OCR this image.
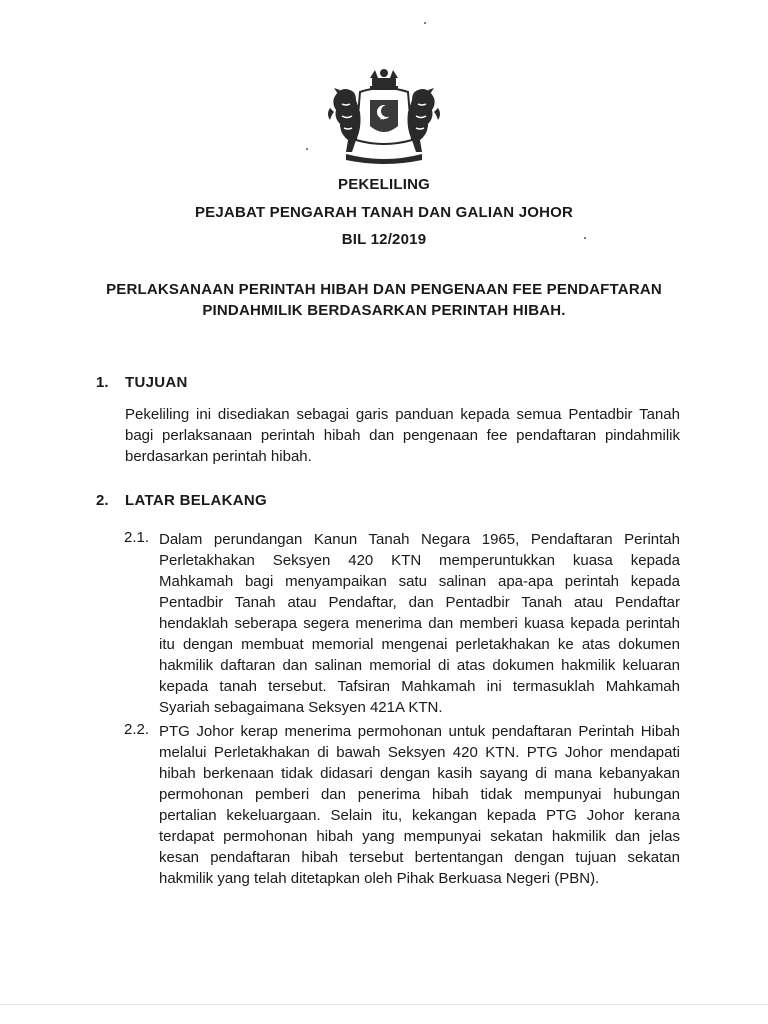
PEKELILING
PEJABAT PENGARAH TANAH DAN GALIAN JOHOR
BIL 12/2019
PERLAKSANAAN PERINTAH HIBAH DAN PENGENAAN FEE PENDAFTARAN
PINDAHMILIK BERDASARKAN PERINTAH HIBAH.
1. TUJUAN
Pekeliling ini disediakan sebagai garis panduan kepada semua Pentadbir Tanah
bagi perlaksanaan perintah hibah dan pengenaan fee pendaftaran pindahmilik
berdasarkan perintah hibah.
2. LATAR BELAKANG
2.1. Dalam perundangan Kanun Tanah Negara 1965, Pendaftaran Perintah
Perletakhakan Seksyen 420 KTN memperuntukkan kuasa kepada
Mahkamah bagi menyampaikan satu salinan apa-apa perintah kepada
Pentadbir Tanah atau Pendaftar, dan Pentadbir Tanah atau Pendaftar
hendaklah seberapa segera menerima dan memberi kuasa kepada perintah
itu dengan membuat memorial mengenai perletakhakan ke atas dokumen
hakmilik daftaran dan salinan memorial di atas dokumen hakmilik keluaran
kepada tanah tersebut. Tafsiran Mahkamah ini termasuklah Mahkamah
Syariah sebagaimana Seksyen 421A KTN.
2.2. PTG Johor kerap menerima permohonan untuk pendaftaran Perintah Hibah
melalui Perletakhakan di bawah Seksyen 420 KTN. PTG Johor mendapati
hibah berkenaan tidak didasari dengan kasih sayang di mana kebanyakan
permohonan pemberi dan penerima hibah tidak mempunyai hubungan
pertalian kekeluargaan. Selain itu, kekangan kepada PTG Johor kerana
terdapat permohonan hibah yang mempunyai sekatan hakmilik dan jelas
kesan pendaftaran hibah tersebut bertentangan dengan tujuan sekatan
hakmilik yang telah ditetapkan oleh Pihak Berkuasa Negeri (PBN).
